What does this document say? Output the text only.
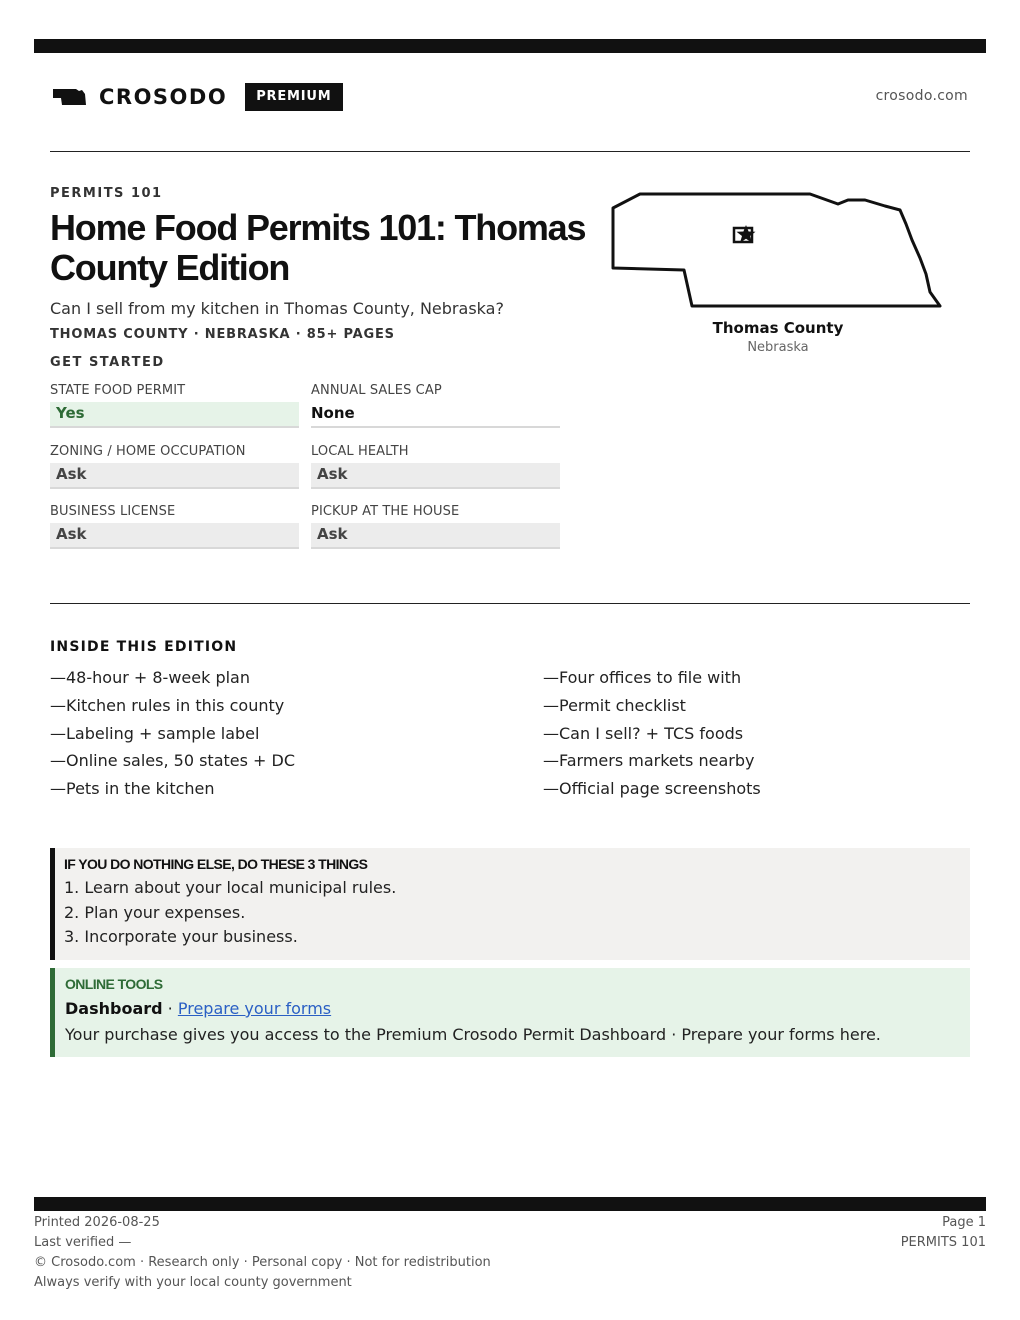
CROSODO	PREMIUM	crosodo.com
PERMITS 101
Home Food Permits 101: Thomas County Edition
Can I sell from my kitchen in Thomas County, Nebraska?
THOMAS COUNTY · NEBRASKA · 85+ PAGES
GET STARTED
STATE FOOD PERMIT
Yes
ANNUAL SALES CAP
None
ZONING / HOME OCCUPATION
Ask
LOCAL HEALTH
Ask
BUSINESS LICENSE
Ask
PICKUP AT THE HOUSE
Ask
Thomas County
Nebraska
INSIDE THIS EDITION
—48-hour + 8-week plan
—Kitchen rules in this county
—Labeling + sample label
—Online sales, 50 states + DC
—Pets in the kitchen
—Four offices to file with
—Permit checklist
—Can I sell? + TCS foods
—Farmers markets nearby
—Official page screenshots
IF YOU DO NOTHING ELSE, DO THESE 3 THINGS
1. Learn about your local municipal rules.
2. Plan your expenses.
3. Incorporate your business.
ONLINE TOOLS
Dashboard · Prepare your forms
Your purchase gives you access to the Premium Crosodo Permit Dashboard · Prepare your forms here.
Printed 2026-08-25
Last verified —
© Crosodo.com · Research only · Personal copy · Not for redistribution
Always verify with your local county government
Page 1
PERMITS 101
